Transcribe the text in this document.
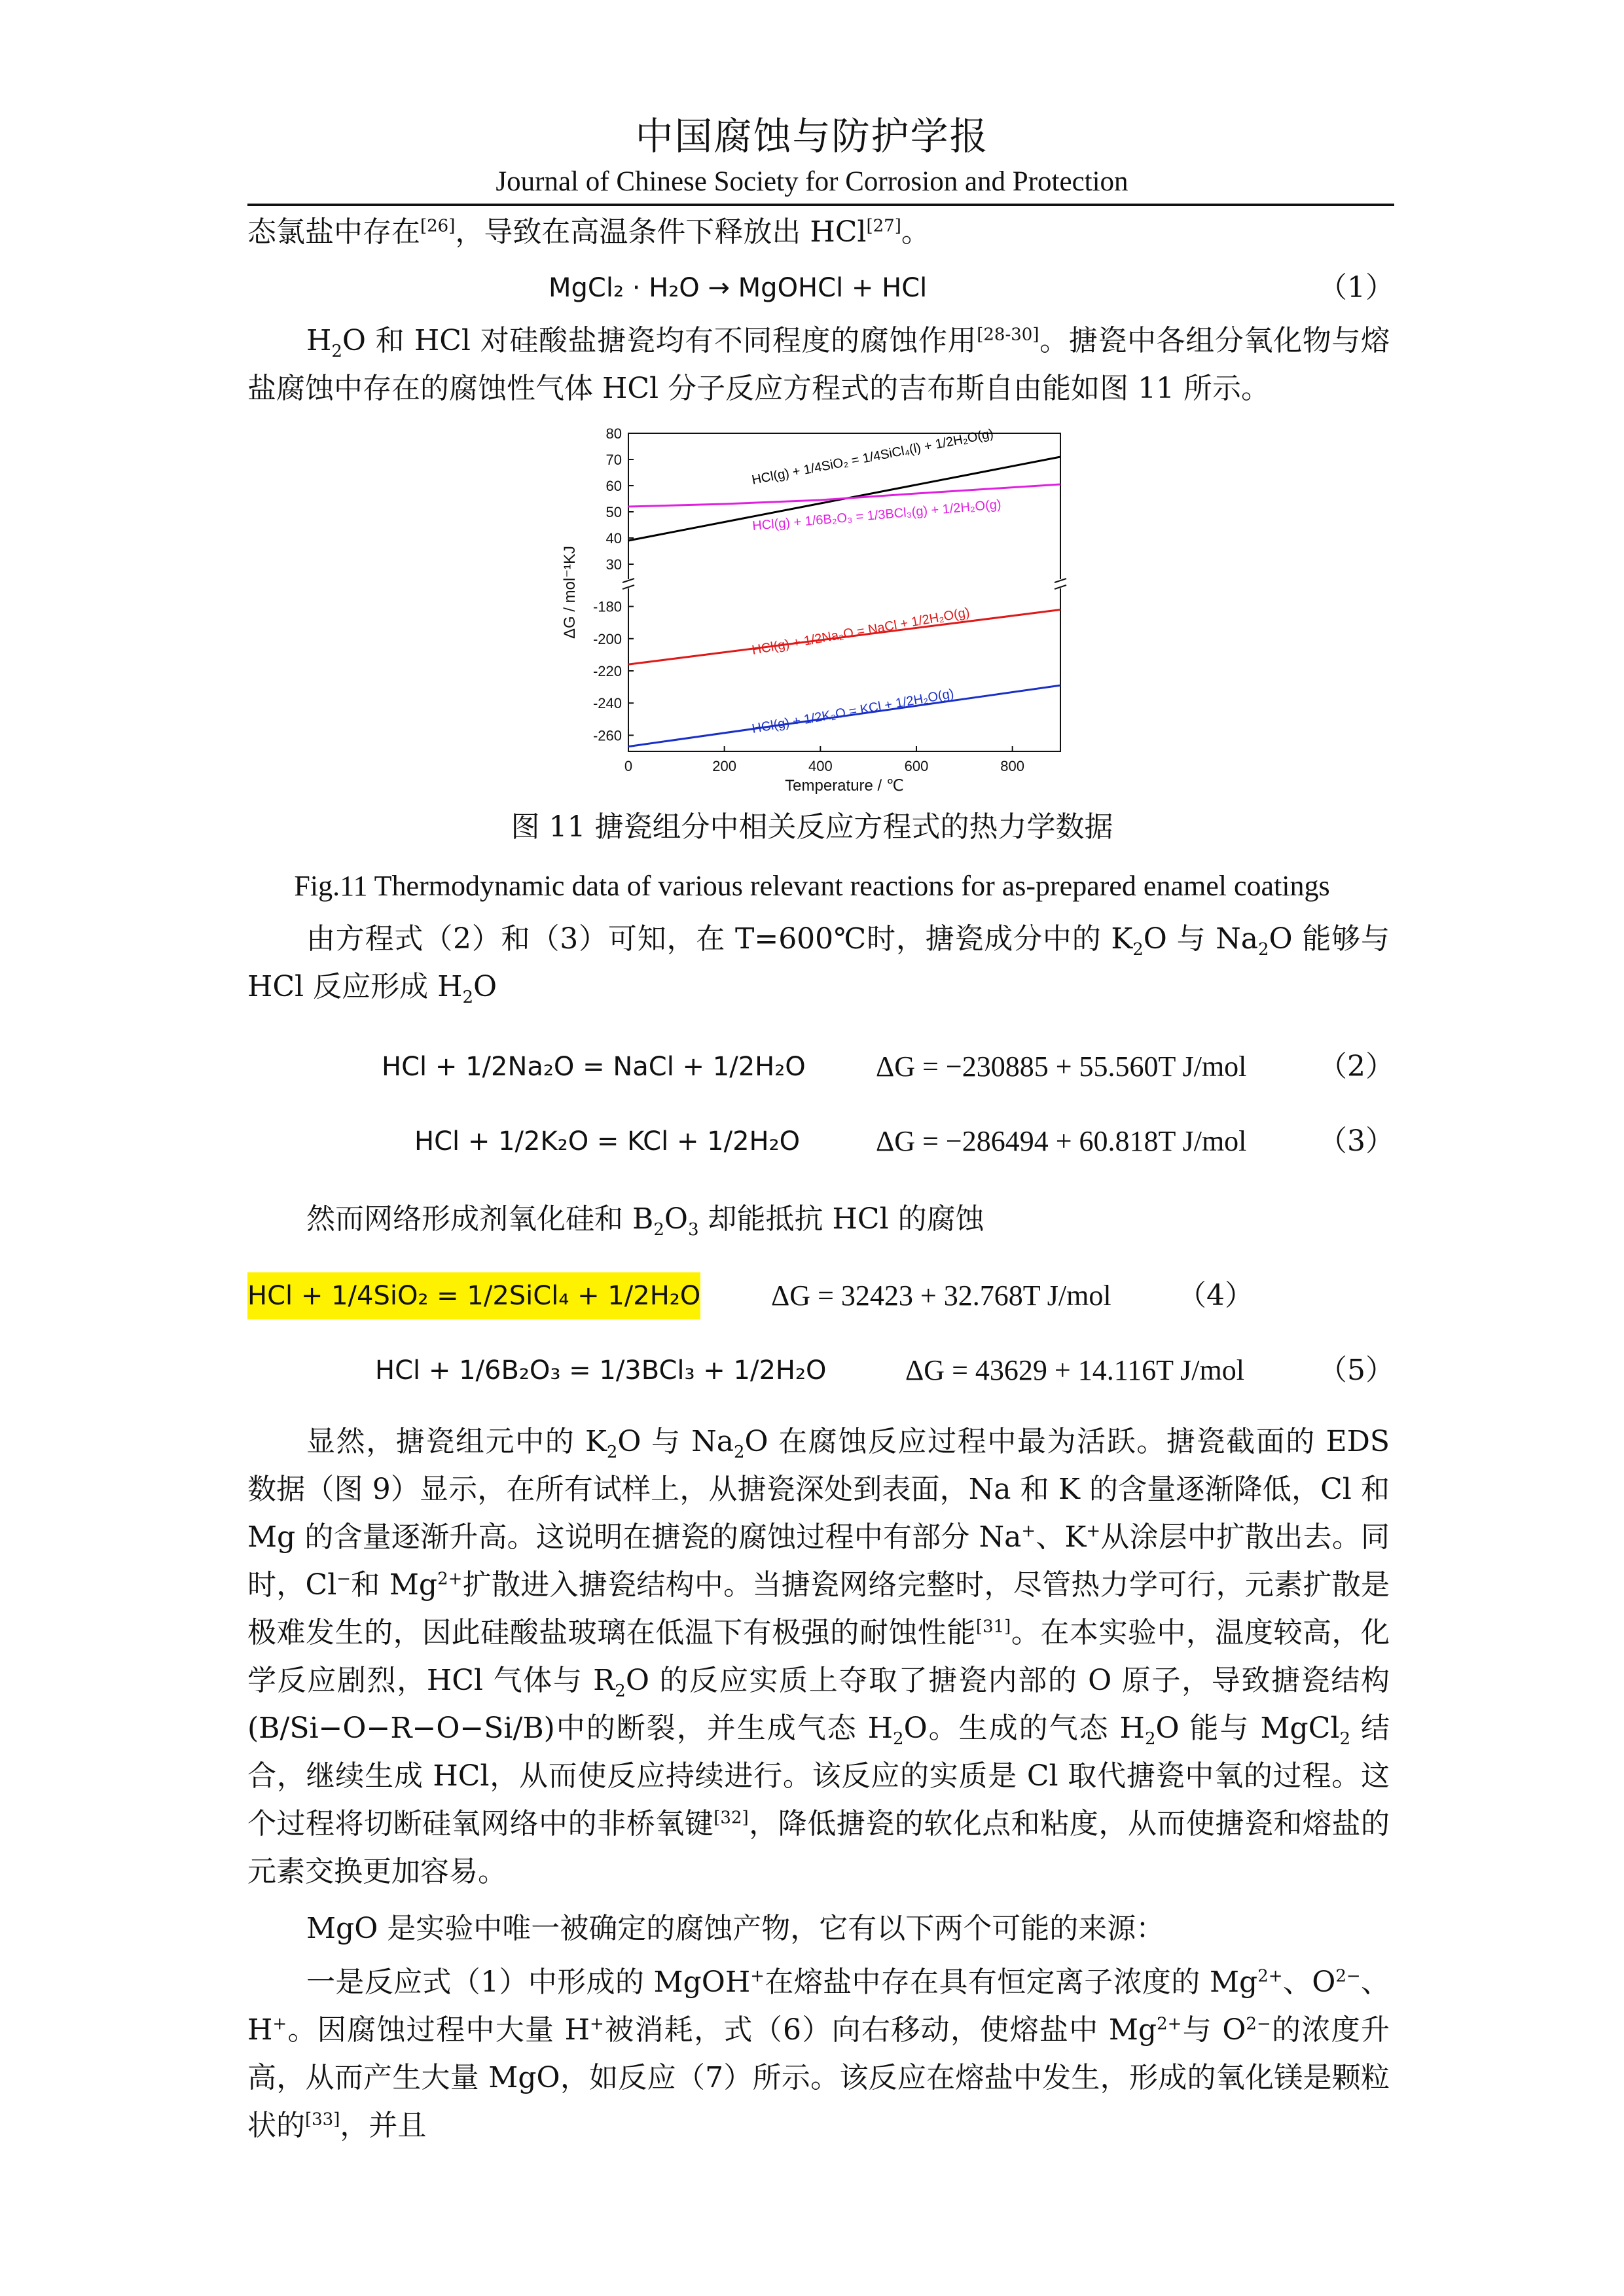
中国腐蚀与防护学报
Journal of Chinese Society for Corrosion and Protection
态氯盐中存在[26]，导致在高温条件下释放出 HCl[27]。
MgCl₂ · H₂O → MgOHCl + HCl	（1）
$H_2O$ 和 HCl 对硅酸盐搪瓷均有不同程度的腐蚀作用[28-30]。搪瓷中各组分氧化物与熔盐腐蚀中存在的腐蚀性气体 HCl 分子反应方程式的吉布斯自由能如图 11 所示。
0	200	400	600	800
80
70
60
50
40
30
-180
-200
-220
-240
-260
Temperature / ℃
ΔG / mol⁻¹KJ
HCl(g) + 1/4SiO₂ = 1/4SiCl₄(l) + 1/2H₂O(g)
HCl(g) + 1/6B₂O₃ = 1/3BCl₃(g) + 1/2H₂O(g)
HCl(g) + 1/2Na₂O = NaCl + 1/2H₂O(g)
HCl(g) + 1/2K₂O = KCl + 1/2H₂O(g)
图 11 搪瓷组分中相关反应方程式的热力学数据
Fig.11 Thermodynamic data of various relevant reactions for as-prepared enamel coatings
由方程式（2）和（3）可知，在 T=600℃时，搪瓷成分中的 $K_2O$ 与 $Na_2O$ 能够与 HCl 反应形成 $H_2O$
HCl + 1/2Na₂O = NaCl + 1/2H₂O ΔG = −230885 + 55.560T J/mol （2）
HCl + 1/2K₂O = KCl + 1/2H₂O	ΔG = −286494 + 60.818T J/mol （3）
然而网络形成剂氧化硅和 $B_2O_3$ 却能抵抗 HCl 的腐蚀
HCl + 1/4SiO₂ = 1/2SiCl₄ + 1/2H₂O ΔG = 32423 + 32.768T J/mol （4）
HCl + 1/6B₂O₃ = 1/3BCl₃ + 1/2H₂O	ΔG = 43629 + 14.116T J/mol	（5）
显然，搪瓷组元中的 $K_2O$ 与 $Na_2O$ 在腐蚀反应过程中最为活跃。搪瓷截面的 EDS 数据（图 9）显示，在所有试样上，从搪瓷深处到表面，Na 和 K 的含量逐渐降低，Cl 和 Mg 的含量逐渐升高。这说明在搪瓷的腐蚀过程中有部分 Na+、K+从涂层中扩散出去。同时，Cl−和 $Mg^{2+}$扩散进入搪瓷结构中。当搪瓷网络完整时，尽管热力学可行，元素扩散是极难发生的，因此硅酸盐玻璃在低温下有极强的耐蚀性能[31]。在本实验中，温度较高，化学反应剧烈，HCl 气体与 $R_2O$ 的反应实质上夺取了搪瓷内部的 O 原子，导致搪瓷结构(B/Si−O−R−O−Si/B)中的断裂，并生成气态 $H_2O$。生成的气态 $H_2O$ 能与 MgCl$_2$ 结合，继续生成 HCl，从而使反应持续进行。该反应的实质是 Cl 取代搪瓷中氧的过程。这个过程将切断硅氧网络中的非桥氧键[32]，降低搪瓷的软化点和粘度，从而使搪瓷和熔盐的元素交换更加容易。
MgO 是实验中唯一被确定的腐蚀产物，它有以下两个可能的来源：
一是反应式（1）中形成的 MgOH+在熔盐中存在具有恒定离子浓度的 $Mg^{2+}$、$O^{2-}$、H+。因腐蚀过程中大量 H+被消耗，式（6）向右移动，使熔盐中 $Mg^{2+}$与 $O^{2-}$的浓度升高，从而产生大量 MgO，如反应（7）所示。该反应在熔盐中发生，形成的氧化镁是颗粒状的[33]，并且
